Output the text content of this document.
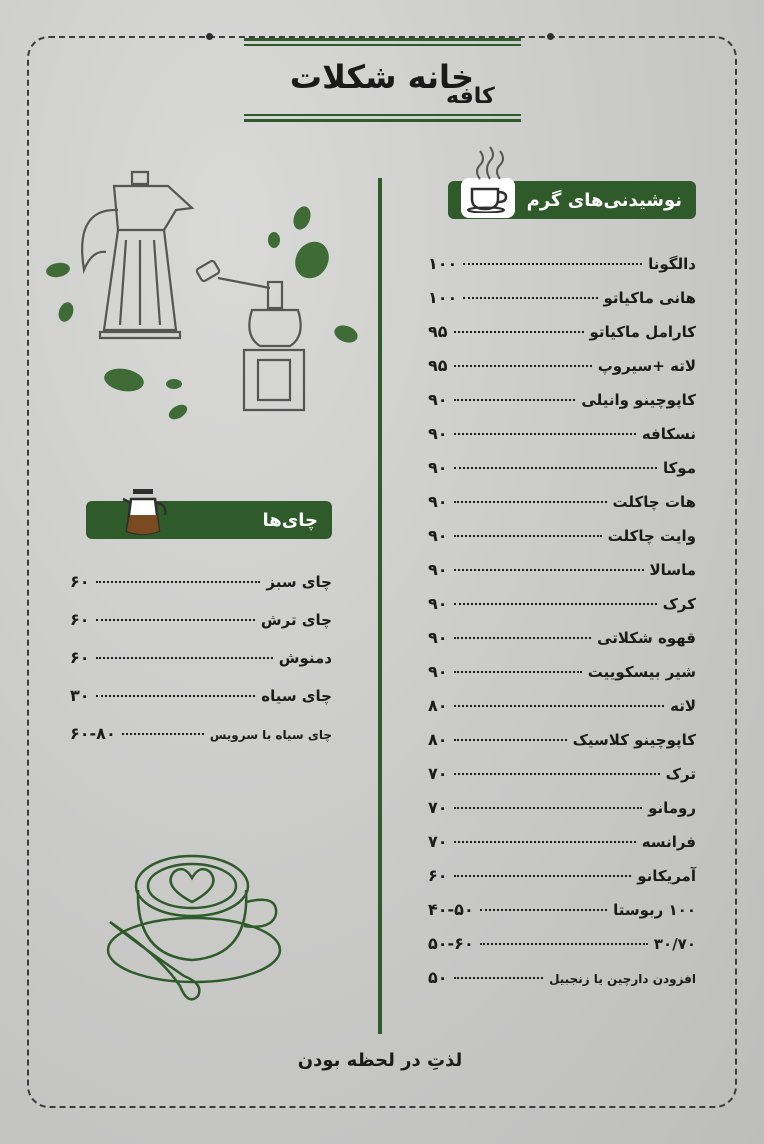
خانه شکلات
کافه
نوشیدنی‌های گرم
دالگونا
۱۰۰
هانی ماکیاتو
۱۰۰
کارامل ماکیاتو
۹۵
لاته +سیروپ
۹۵
کاپوچینو وانیلی
۹۰
نسکافه
۹۰
موکا
۹۰
هات چاکلت
۹۰
وایت چاکلت
۹۰
ماسالا
۹۰
کرک
۹۰
قهوه شکلاتی
۹۰
شیر بیسکوییت
۹۰
لاته
۸۰
کاپوچینو کلاسیک
۸۰
ترک
۷۰
رومانو
۷۰
فرانسه
۷۰
آمریکانو
۶۰
۱۰۰ ربوستا
۴۰-۵۰
۳۰/۷۰
۵۰-۶۰
افزودن دارچین یا زنجبیل
۵۰
چای‌ها
چای سبز
۶۰
چای ترش
۶۰
دمنوش
۶۰
چای سیاه
۳۰
چای سیاه با سرویس
۶۰-۸۰
لذتِ در لحظه بودن
